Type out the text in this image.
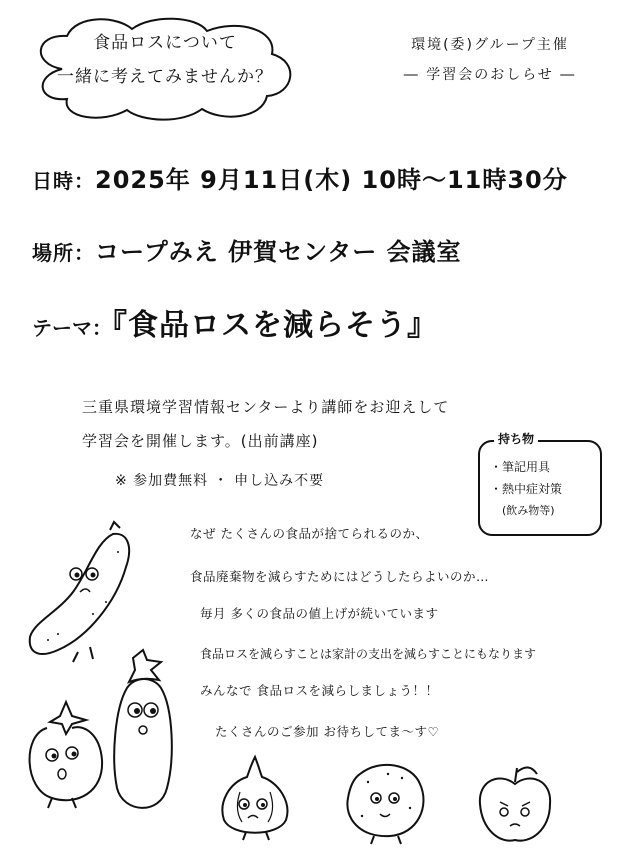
食品ロスについて
一緒に考えてみませんか？
環境(委)グループ主催
― 学習会のおしらせ ―
日時：2025年 9月11日(木) 10時～11時30分
場所：コープみえ 伊賀センター 会議室
テーマ：『食品ロスを減らそう』
三重県環境学習情報センターより講師をお迎えして
学習会を開催します。(出前講座)
※ 参加費無料 ・ 申し込み不要
持ち物
・筆記用具
・熱中症対策
(飲み物等)
なぜ たくさんの食品が捨てられるのか、
食品廃棄物を減らすためにはどうしたらよいのか…
毎月 多くの食品の値上げが続いています
食品ロスを減らすことは家計の支出を減らすことにもなります
みんなで 食品ロスを減らしましょう！！
たくさんのご参加 お待ちしてま～す♡
